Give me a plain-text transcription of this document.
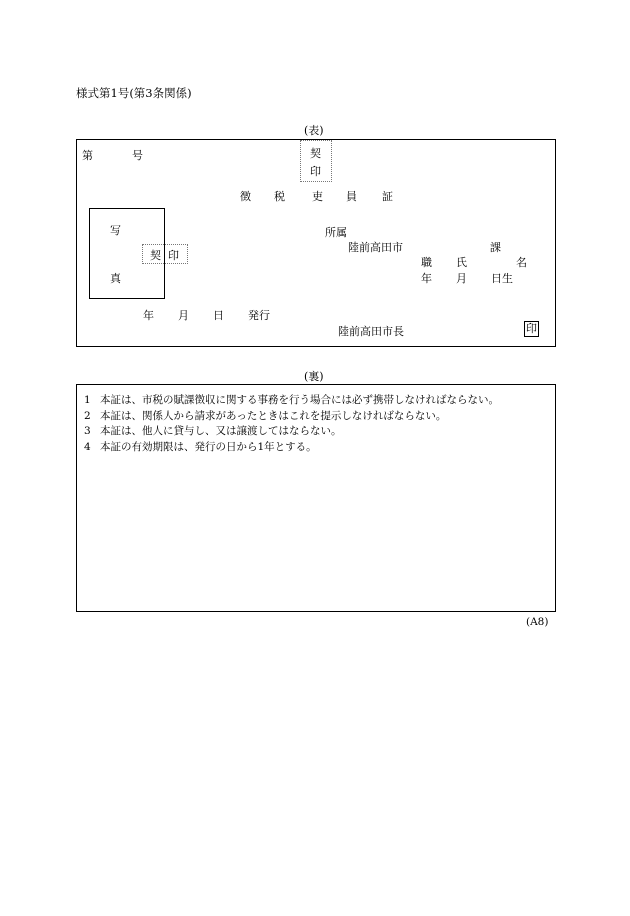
様式第1号(第3条関係)
(表)
第	号	契
印
徴 税 吏 員 証
写
真
契 印
所属
陸前高田市	課
職 氏	名
年 月 日生
年 月 日 発行
陸前高田市長	印
(裏)
1 本証は、市税の賦課徴収に関する事務を行う場合には必ず携帯しなければならない。
2 本証は、関係人から請求があったときはこれを提示しなければならない。
3 本証は、他人に貸与し、又は譲渡してはならない。
4 本証の有効期限は、発行の日から1年とする。
(A8)
